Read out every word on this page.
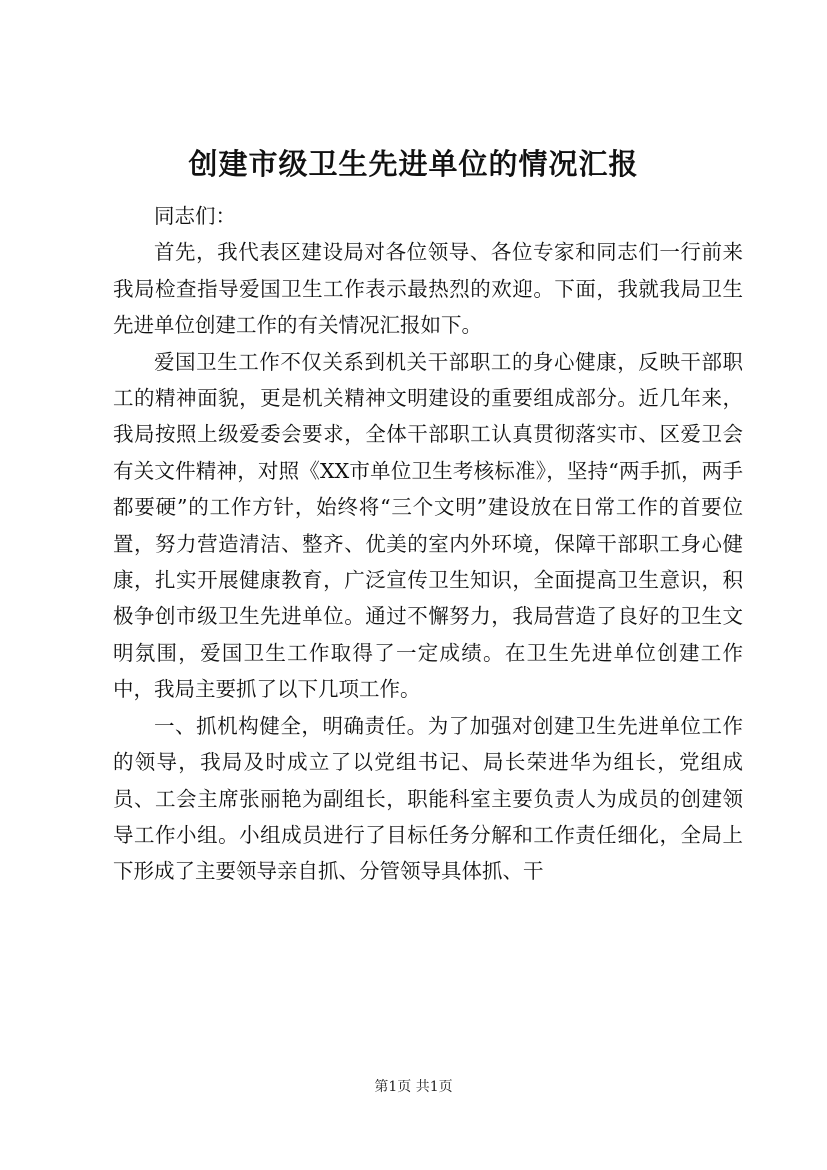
创建市级卫生先进单位的情况汇报

同志们：

首先，我代表区建设局对各位领导、各位专家和同志们一行前来我局检查指导爱国卫生工作表示最热烈的欢迎。下面，我就我局卫生先进单位创建工作的有关情况汇报如下。

爱国卫生工作不仅关系到机关干部职工的身心健康，反映干部职工的精神面貌，更是机关精神文明建设的重要组成部分。近几年来，我局按照上级爱委会要求，全体干部职工认真贯彻落实市、区爱卫会有关文件精神，对照《XX市单位卫生考核标准》，坚持“两手抓，两手都要硬”的工作方针，始终将“三个文明”建设放在日常工作的首要位置，努力营造清洁、整齐、优美的室内外环境，保障干部职工身心健康，扎实开展健康教育，广泛宣传卫生知识，全面提高卫生意识，积极争创市级卫生先进单位。通过不懈努力，我局营造了良好的卫生文明氛围，爱国卫生工作取得了一定成绩。在卫生先进单位创建工作中，我局主要抓了以下几项工作。

一、抓机构健全，明确责任。为了加强对创建卫生先进单位工作的领导，我局及时成立了以党组书记、局长荣进华为组长，党组成员、工会主席张丽艳为副组长，职能科室主要负责人为成员的创建领导工作小组。小组成员进行了目标任务分解和工作责任细化，全局上下形成了主要领导亲自抓、分管领导具体抓、干

第1页 共1页
